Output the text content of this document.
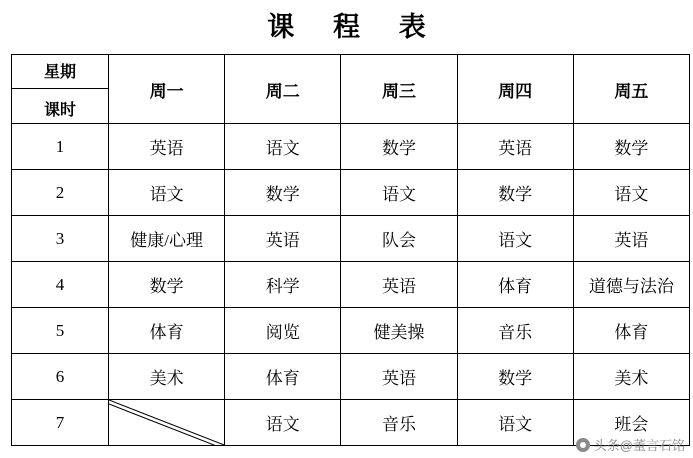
课 程 表
星期
课时	周一	周二	周三	周四	周五
1	英语	语文	数学	英语	数学
2	语文	数学	语文	数学	语文
3	健康/心理	英语	队会	语文	英语
4	数学	科学	英语	体育	道德与法治
5	体育	阅览	健美操	音乐	体育
6	美术	体育	英语	数学	美术
7		语文	音乐	语文	班会
头条@董言石铭
